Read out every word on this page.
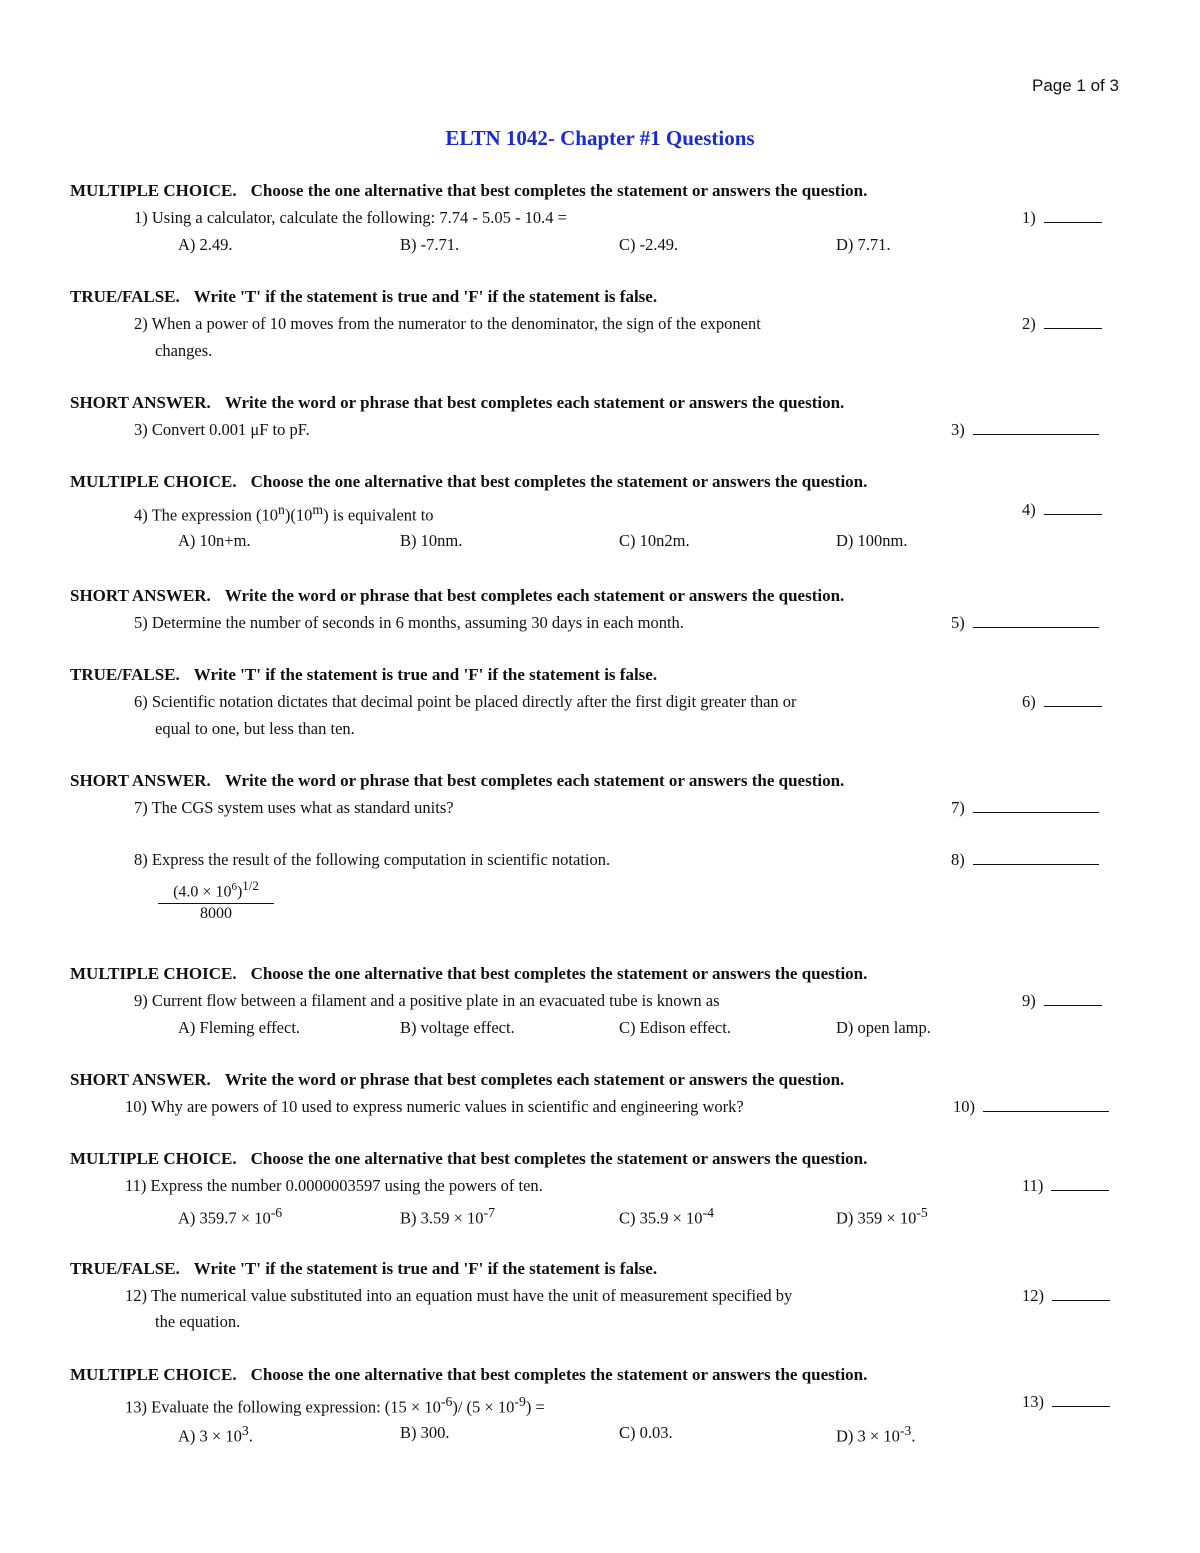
Page 1 of 3
ELTN 1042- Chapter #1 Questions
MULTIPLE CHOICE. Choose the one alternative that best completes the statement or answers the question.
1) Using a calculator, calculate the following: 7.74 - 5.05 - 10.4 =	1)
A) 2.49.	B) -7.71.	C) -2.49.	D) 7.71.
TRUE/FALSE. Write 'T' if the statement is true and 'F' if the statement is false.
2) When a power of 10 moves from the numerator to the denominator, the sign of the exponent
changes.
2)
SHORT ANSWER. Write the word or phrase that best completes each statement or answers the question.
3) Convert 0.001 μF to pF.	3)
MULTIPLE CHOICE. Choose the one alternative that best completes the statement or answers the question.
4) The expression (10$^n$)(10$^m$) is equivalent to	4)
A) 10n+m.	B) 10nm.	C) 10n2m.	D) 100nm.
SHORT ANSWER. Write the word or phrase that best completes each statement or answers the question.
5) Determine the number of seconds in 6 months, assuming 30 days in each month.	5)
TRUE/FALSE. Write 'T' if the statement is true and 'F' if the statement is false.
6) Scientific notation dictates that decimal point be placed directly after the first digit greater than or
equal to one, but less than ten.
6)
SHORT ANSWER. Write the word or phrase that best completes each statement or answers the question.
7) The CGS system uses what as standard units?	7)
8) Express the result of the following computation in scientific notation.	8)
$\frac{(4.0 \times 10^6)^{1/2}}{8000}$
MULTIPLE CHOICE. Choose the one alternative that best completes the statement or answers the question.
9) Current flow between a filament and a positive plate in an evacuated tube is known as	9)
A) Fleming effect.	B) voltage effect.	C) Edison effect.	D) open lamp.
SHORT ANSWER. Write the word or phrase that best completes each statement or answers the question.
10) Why are powers of 10 used to express numeric values in scientific and engineering work?	10)
MULTIPLE CHOICE. Choose the one alternative that best completes the statement or answers the question.
11) Express the number 0.0000003597 using the powers of ten.	11)
A) $359.7 \times 10^{-6}$	B) $3.59 \times 10^{-7}$	C) $35.9 \times 10^{-4}$	D) $359 \times 10^{-5}$
TRUE/FALSE. Write 'T' if the statement is true and 'F' if the statement is false.
12) The numerical value substituted into an equation must have the unit of measurement specified by
the equation.
12)
MULTIPLE CHOICE. Choose the one alternative that best completes the statement or answers the question.
13) Evaluate the following expression: $(15 \times 10^{-6})/$ $(5 \times 10^{-9})$ =	13)
A) $3 \times 10^3$.	B) 300.	C) 0.03.	D) $3 \times 10^{-3}$.
